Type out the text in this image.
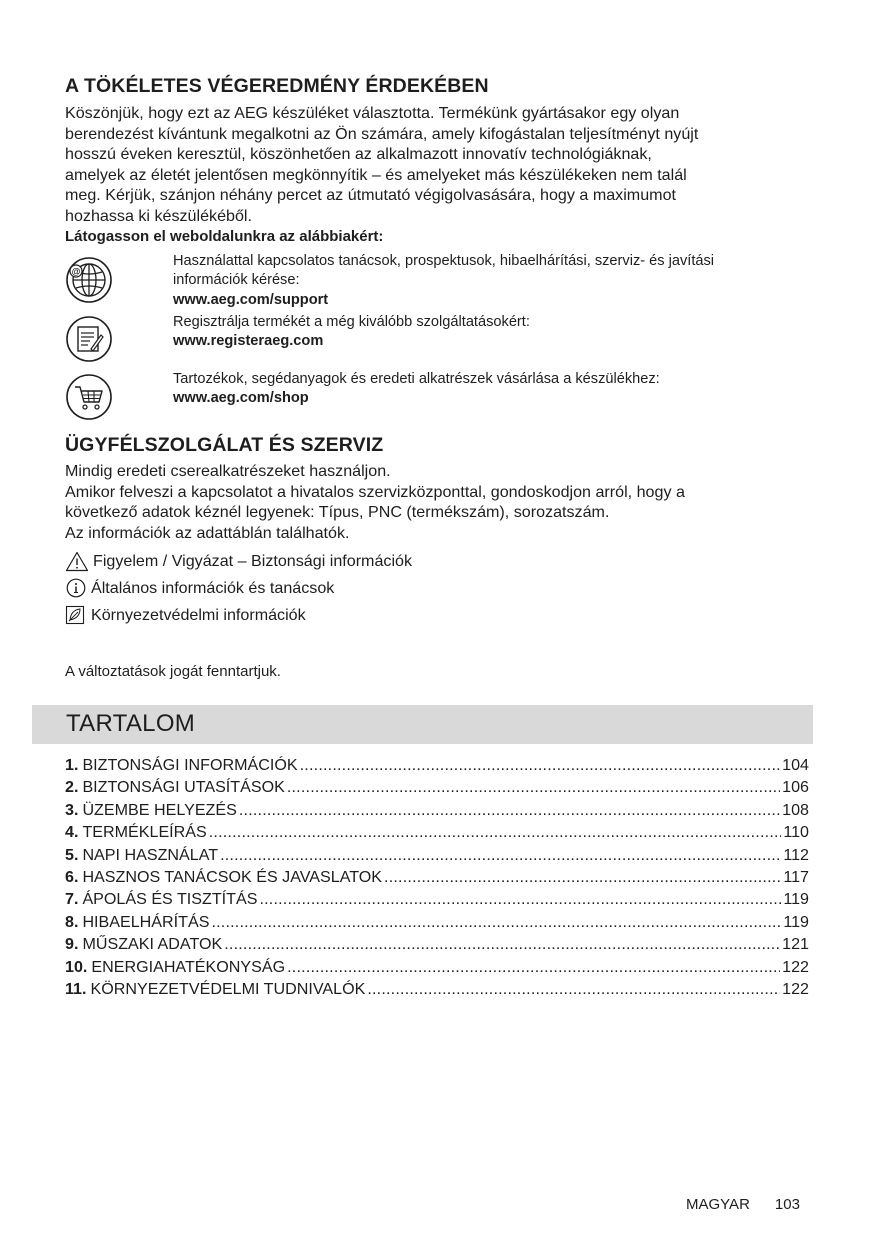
A TÖKÉLETES VÉGEREDMÉNY ÉRDEKÉBEN

Köszönjük, hogy ezt az AEG készüléket választotta. Termékünk gyártásakor egy olyan

berendezést kívántunk megalkotni az Ön számára, amely kifogástalan teljesítményt nyújt

hosszú éveken keresztül, köszönhetően az alkalmazott innovatív technológiáknak,

amelyek az életét jelentősen megkönnyítik – és amelyeket más készülékeken nem talál

meg. Kérjük, szánjon néhány percet az útmutató végigolvasására, hogy a maximumot

hozhassa ki készülékéből.

Látogasson el weboldalunkra az alábbiakért:

@
Használattal kapcsolatos tanácsok, prospektusok, hibaelhárítási, szerviz- és javítási
információk kérése:
www.aeg.com/support
Regisztrálja termékét a még kiválóbb szolgáltatásokért:
www.registeraeg.com
Tartozékok, segédanyagok és eredeti alkatrészek vásárlása a készülékhez:
www.aeg.com/shop
ÜGYFÉLSZOLGÁLAT ÉS SZERVIZ

Mindig eredeti cserealkatrészeket használjon.

Amikor felveszi a kapcsolatot a hivatalos szervizközponttal, gondoskodjon arról, hogy a

következő adatok kéznél legyenek: Típus, PNC (termékszám), sorozatszám.

Az információk az adattáblán találhatók.

Figyelem / Vigyázat – Biztonsági információk
Általános információk és tanácsok
Környezetvédelmi információk
A változtatások jogát fenntartjuk.
TARTALOM
1. BIZTONSÁGI INFORMÁCIÓK .....	104
2. BIZTONSÁGI UTASÍTÁSOK .....	106
3. ÜZEMBE HELYEZÉS .....	108
4. TERMÉKLEÍRÁS .....	110
5. NAPI HASZNÁLAT .....	112
6. HASZNOS TANÁCSOK ÉS JAVASLATOK .....	117
7. ÁPOLÁS ÉS TISZTÍTÁS .....	119
8. HIBAELHÁRÍTÁS .....	119
9. MŰSZAKI ADATOK .....	121
10. ENERGIAHATÉKONYSÁG .....	122
11. KÖRNYEZETVÉDELMI TUDNIVALÓK .....	122
MAGYAR 103
